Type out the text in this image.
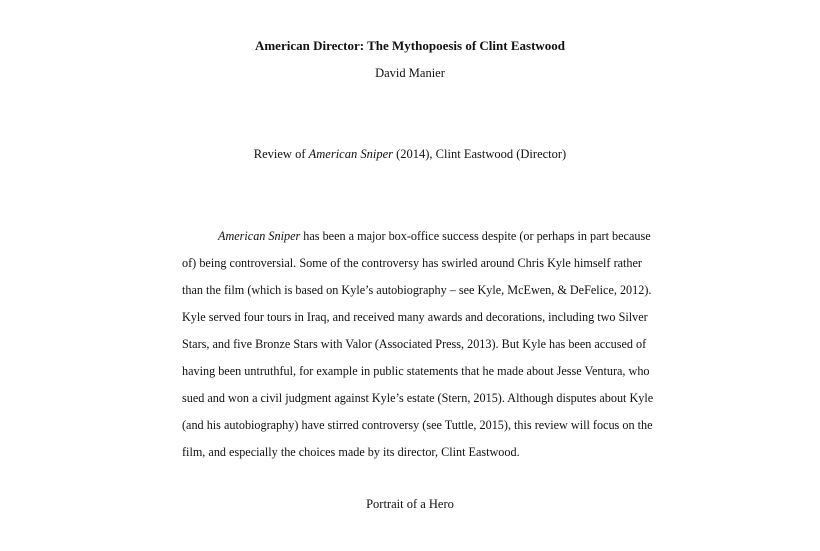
American Director: The Mythopoesis of Clint Eastwood
David Manier
Review of American Sniper (2014), Clint Eastwood (Director)
American Sniper has been a major box-office success despite (or perhaps in part because
of) being controversial. Some of the controversy has swirled around Chris Kyle himself rather
than the film (which is based on Kyle’s autobiography – see Kyle, McEwen, & DeFelice, 2012).
Kyle served four tours in Iraq, and received many awards and decorations, including two Silver
Stars, and five Bronze Stars with Valor (Associated Press, 2013). But Kyle has been accused of
having been untruthful, for example in public statements that he made about Jesse Ventura, who
sued and won a civil judgment against Kyle’s estate (Stern, 2015). Although disputes about Kyle
(and his autobiography) have stirred controversy (see Tuttle, 2015), this review will focus on the
film, and especially the choices made by its director, Clint Eastwood.
Portrait of a Hero
